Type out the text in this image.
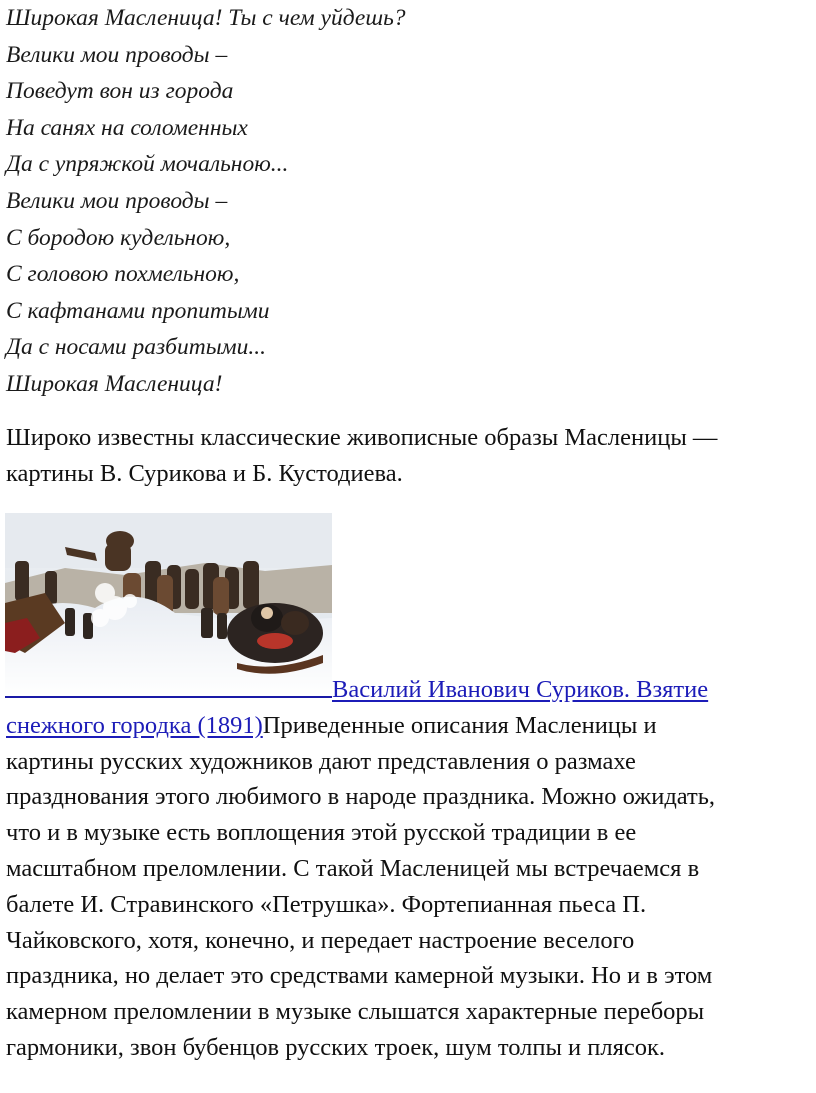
Широкая Масленица! Ты с чем уйдешь?
Велики мои проводы –
Поведут вон из города
На санях на соломенных
Да с упряжкой мочальною...
Велики мои проводы –
С бородою кудельною,
С головою похмельною,
С кафтанами пропитыми
Да с носами разбитыми...
Широкая Масленица!
Широко известны классические живописные образы Масленицы —
картины В. Сурикова и Б. Кустодиева.
Василий Иванович Суриков. Взятие
снежного городка (1891)Приведенные описания Масленицы и
картины русских художников дают представления о размахе
празднования этого любимого в народе праздника. Можно ожидать,
что и в музыке есть воплощения этой русской традиции в ее
масштабном преломлении. С такой Масленицей мы встречаемся в
балете И. Стравинского «Петрушка». Фортепианная пьеса П.
Чайковского, хотя, конечно, и передает настроение веселого
праздника, но делает это средствами камерной музыки. Но и в этом
камерном преломлении в музыке слышатся характерные переборы
гармоники, звон бубенцов русских троек, шум толпы и плясок.
